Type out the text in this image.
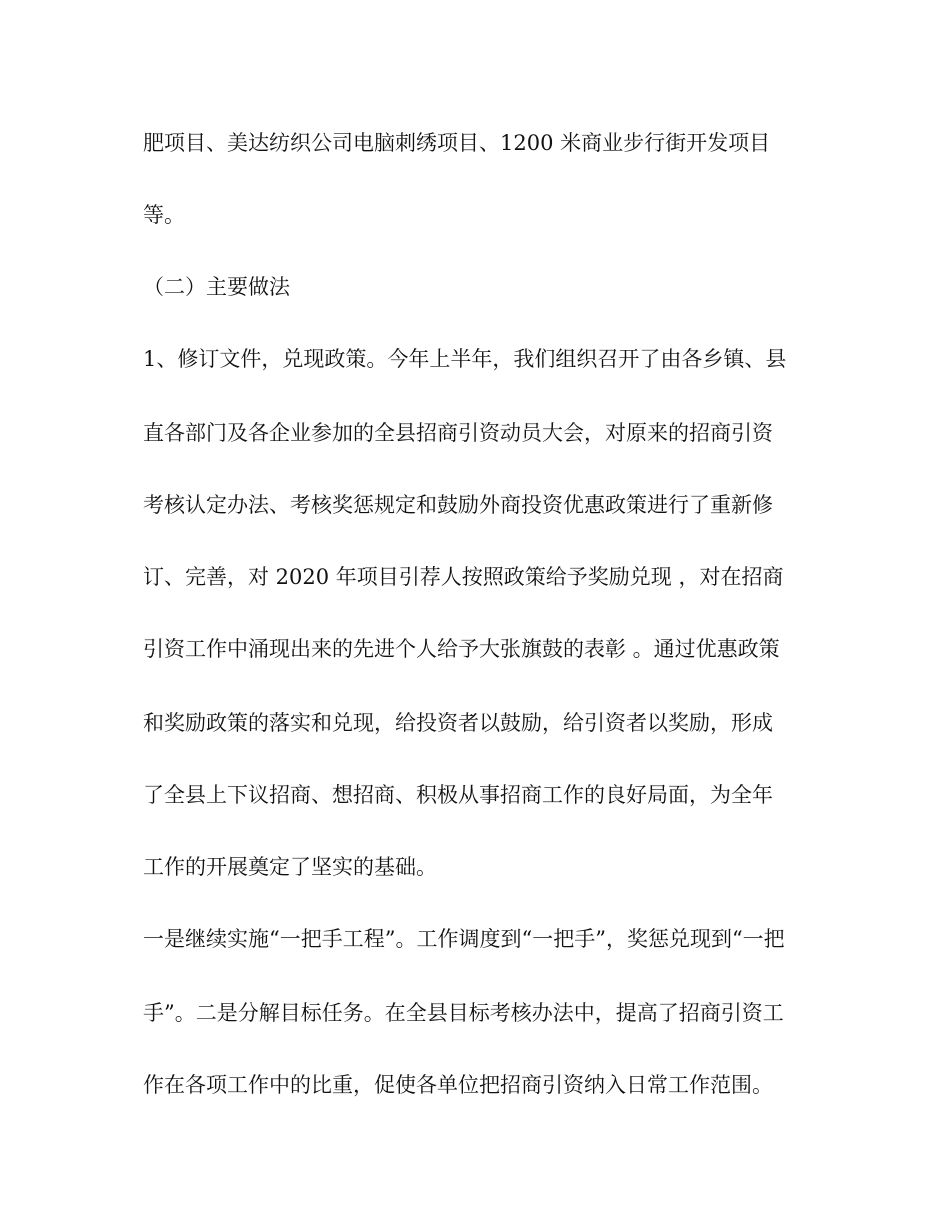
肥项目、美达纺织公司电脑刺绣项目、1200 米商业步行街开发项目
等。
（二）主要做法
1、修订文件，兑现政策。今年上半年，我们组织召开了由各乡镇、县
直各部门及各企业参加的全县招商引资动员大会，对原来的招商引资
考核认定办法、考核奖惩规定和鼓励外商投资优惠政策进行了重新修
订、完善，对 2020 年项目引荐人按照政策给予奖励兑现 ，对在招商
引资工作中涌现出来的先进个人给予大张旗鼓的表彰 。通过优惠政策
和奖励政策的落实和兑现，给投资者以鼓励，给引资者以奖励，形成
了全县上下议招商、想招商、积极从事招商工作的良好局面，为全年
工作的开展奠定了坚实的基础。
一是继续实施“一把手工程”。工作调度到“一把手”，奖惩兑现到“一把
手”。二是分解目标任务。在全县目标考核办法中，提高了招商引资工
作在各项工作中的比重，促使各单位把招商引资纳入日常工作范围。
